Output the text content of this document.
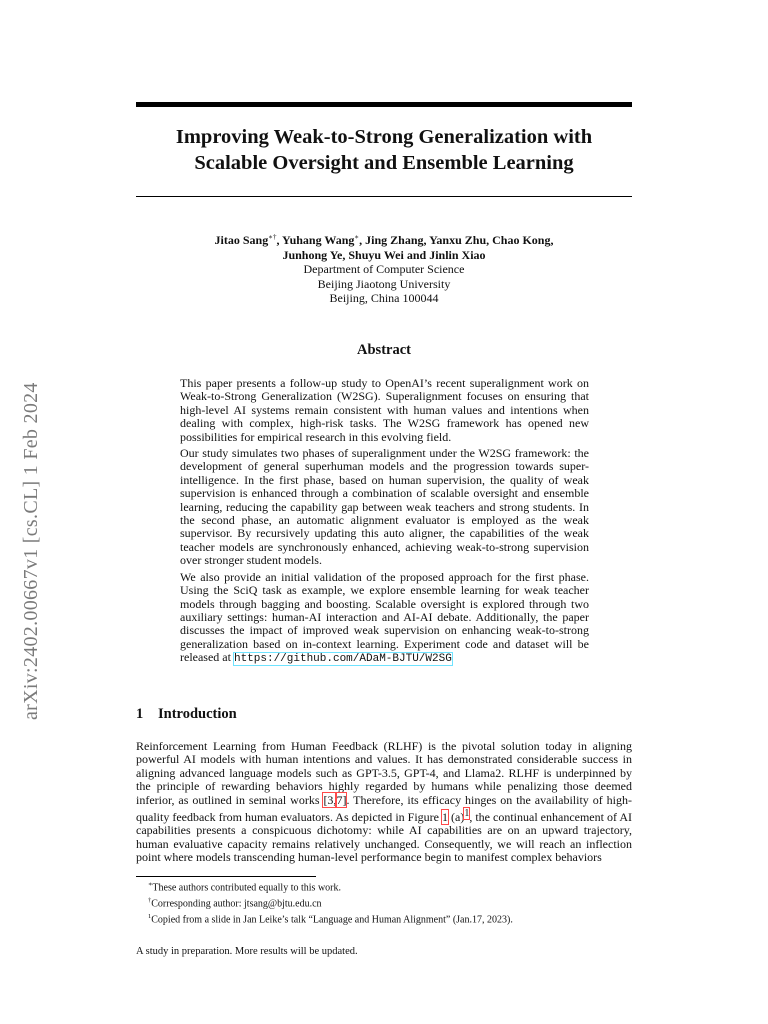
arXiv:2402.00667v1 [cs.CL] 1 Feb 2024
Improving Weak-to-Strong Generalization with
Scalable Oversight and Ensemble Learning
Jitao Sang∗†, Yuhang Wang∗, Jing Zhang, Yanxu Zhu, Chao Kong,
Junhong Ye, Shuyu Wei and Jinlin Xiao
Department of Computer Science
Beijing Jiaotong University
Beijing, China 100044
Abstract

This paper presents a follow-up study to OpenAI’s recent superalignment work on Weak-to-Strong Generalization (W2SG). Superalignment focuses on ensuring that high-level AI systems remain consistent with human values and intentions when dealing with complex, high-risk tasks. The W2SG framework has opened new possibilities for empirical research in this evolving field.

Our study simulates two phases of superalignment under the W2SG framework: the development of general superhuman models and the progression towards super-intelligence. In the first phase, based on human supervision, the quality of weak supervision is enhanced through a combination of scalable oversight and ensemble learning, reducing the capability gap between weak teachers and strong students. In the second phase, an automatic alignment evaluator is employed as the weak supervisor. By recursively updating this auto aligner, the capabilities of the weak teacher models are synchronously enhanced, achieving weak-to-strong supervision over stronger student models.

We also provide an initial validation of the proposed approach for the first phase. Using the SciQ task as example, we explore ensemble learning for weak teacher models through bagging and boosting. Scalable oversight is explored through two auxiliary settings: human-AI interaction and AI-AI debate. Additionally, the paper discusses the impact of improved weak supervision on enhancing weak-to-strong generalization based on in-context learning. Experiment code and dataset will be released at https://github.com/ADaM-BJTU/W2SG

1 Introduction

Reinforcement Learning from Human Feedback (RLHF) is the pivotal solution today in aligning powerful AI models with human intentions and values. It has demonstrated considerable success in aligning advanced language models such as GPT-3.5, GPT-4, and Llama2. RLHF is underpinned by the principle of rewarding behaviors highly regarded by humans while penalizing those deemed inferior, as outlined in seminal works [3,7]. Therefore, its efficacy hinges on the availability of high-quality feedback from human evaluators. As depicted in Figure 1 $(a)^1$, the continual enhancement of AI capabilities presents a conspicuous dichotomy: while AI capabilities are on an upward trajectory, human evaluative capacity remains relatively unchanged. Consequently, we will reach an inflection point where models transcending human-level performance begin to manifest complex behaviors

∗These authors contributed equally to this work.
†Corresponding author: jtsang@bjtu.edu.cn
$^1$Copied from a slide in Jan Leike’s talk “Language and Human Alignment” (Jan.17, 2023).
A study in preparation. More results will be updated.
